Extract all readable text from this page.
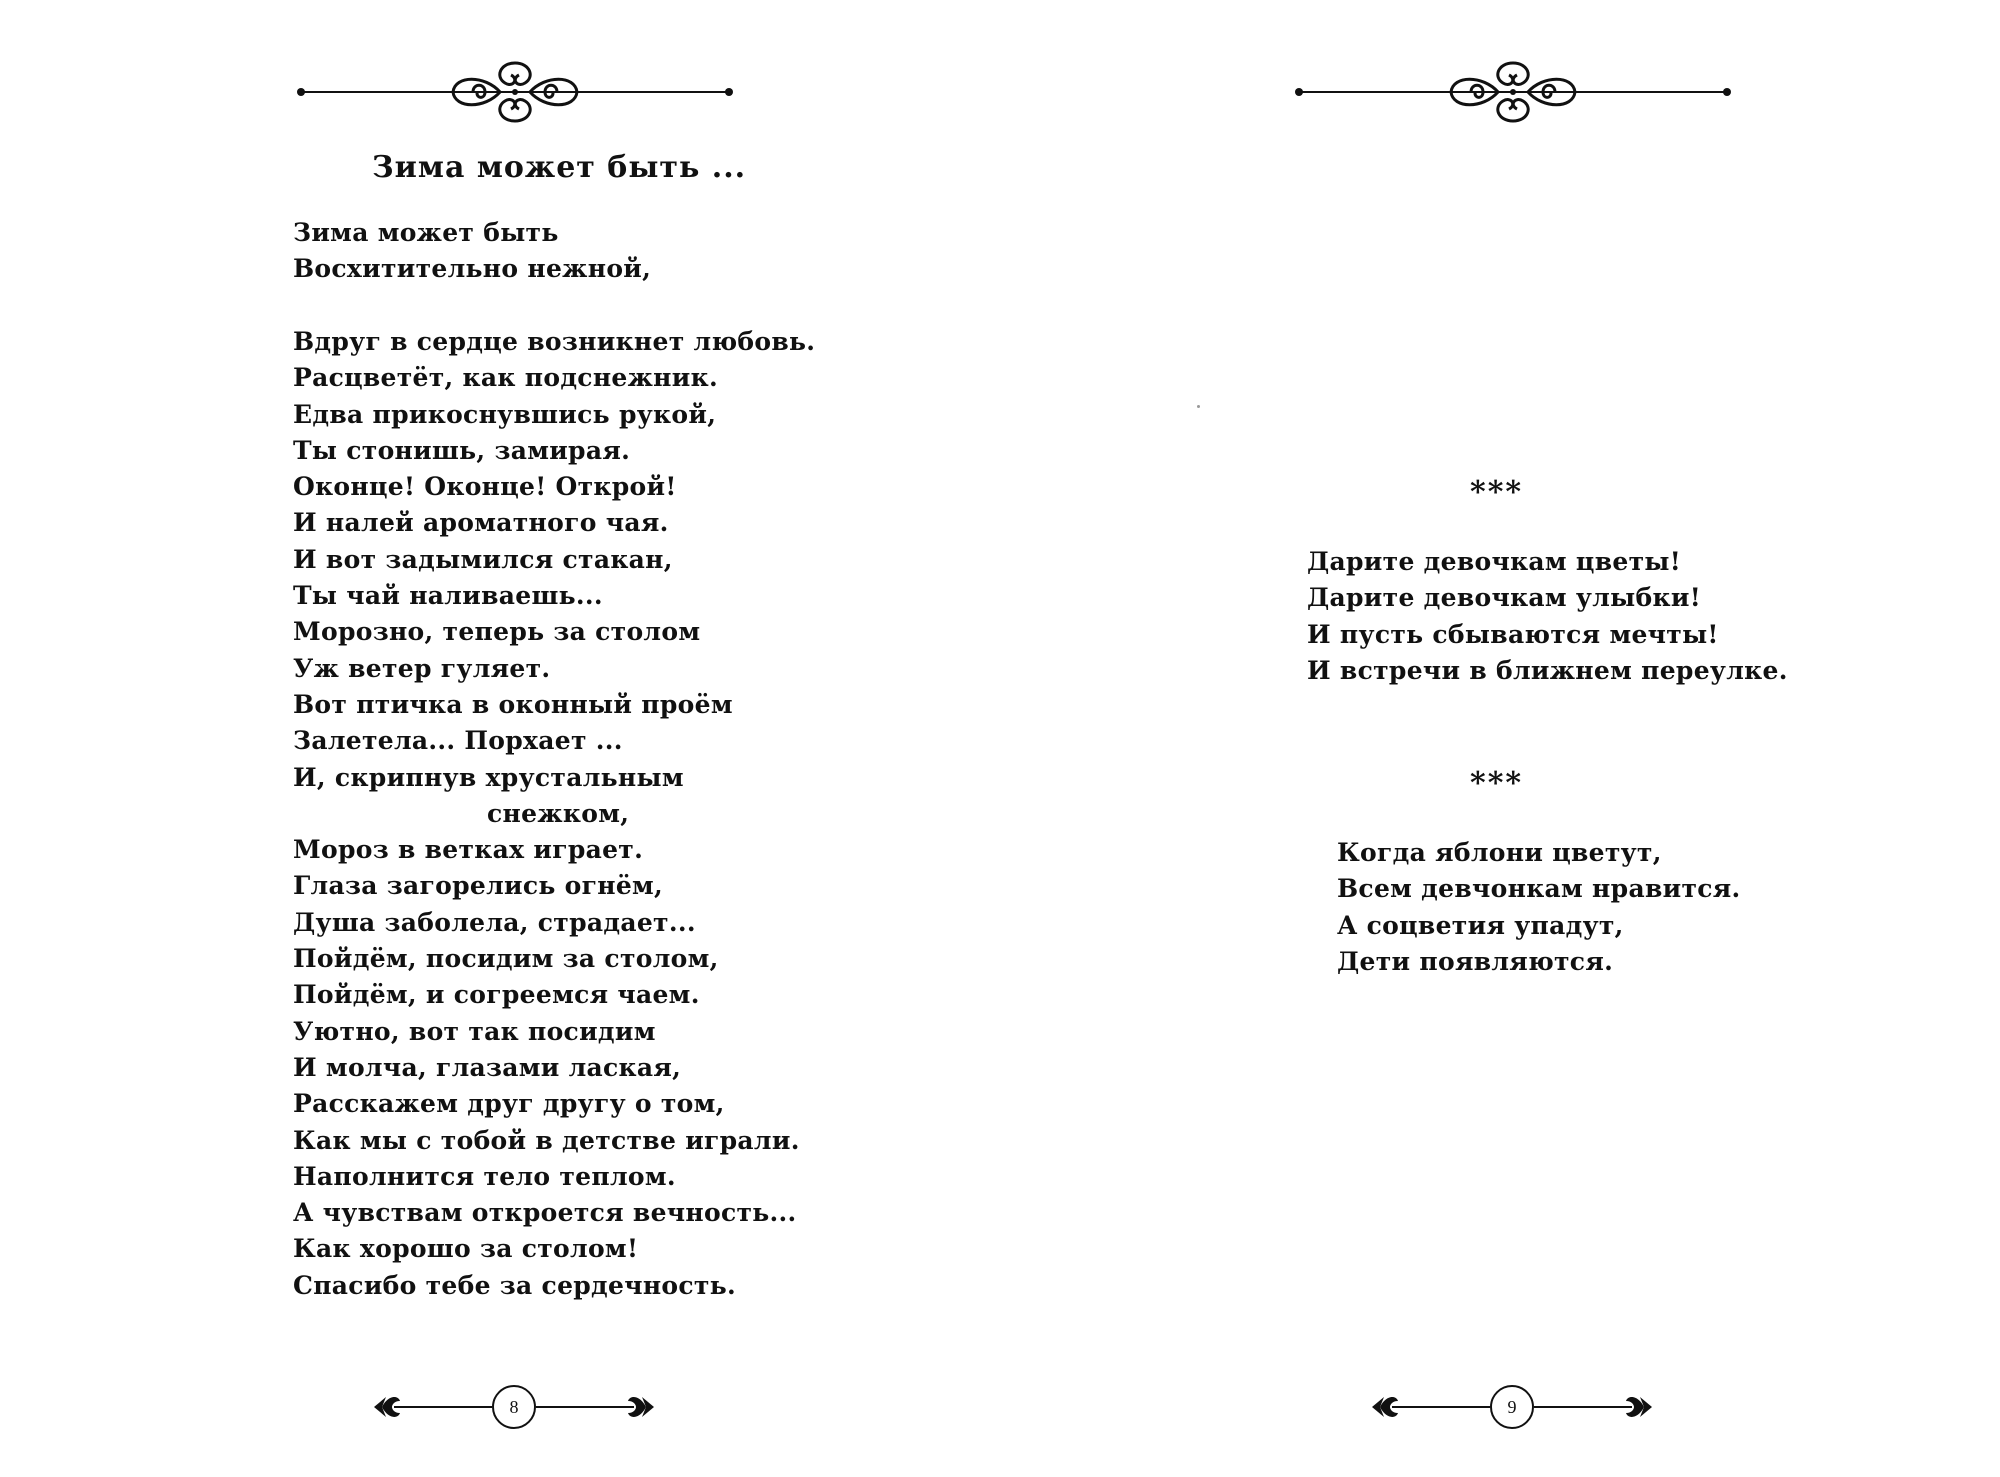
Зима может быть ...
Зима может быть
Восхитительно нежной,
Вдруг в сердце возникнет любовь.
Расцветёт, как подснежник.
Едва прикоснувшись рукой,
Ты стонишь, замирая.
Оконце! Оконце! Открой!
И налей ароматного чая.
И вот задымился стакан,
Ты чай наливаешь...
Морозно, теперь за столом
Уж ветер гуляет.
Вот птичка в оконный проём
Залетела... Порхает ...
И, скрипнув хрустальным
снежком,
Мороз в ветках играет.
Глаза загорелись огнём,
Душа заболела, страдает...
Пойдём, посидим за столом,
Пойдём, и согреемся чаем.
Уютно, вот так посидим
И молча, глазами лаская,
Расскажем друг другу о том,
Как мы с тобой в детстве играли.
Наполнится тело теплом.
А чувствам откроется вечность...
Как хорошо за столом!
Спасибо тебе за сердечность.
8
***
Дарите девочкам цветы!
Дарите девочкам улыбки!
И пусть сбываются мечты!
И встречи в ближнем переулке.
***
Когда яблони цветут,
Всем девчонкам нравится.
А соцветия упадут,
Дети появляются.
9
